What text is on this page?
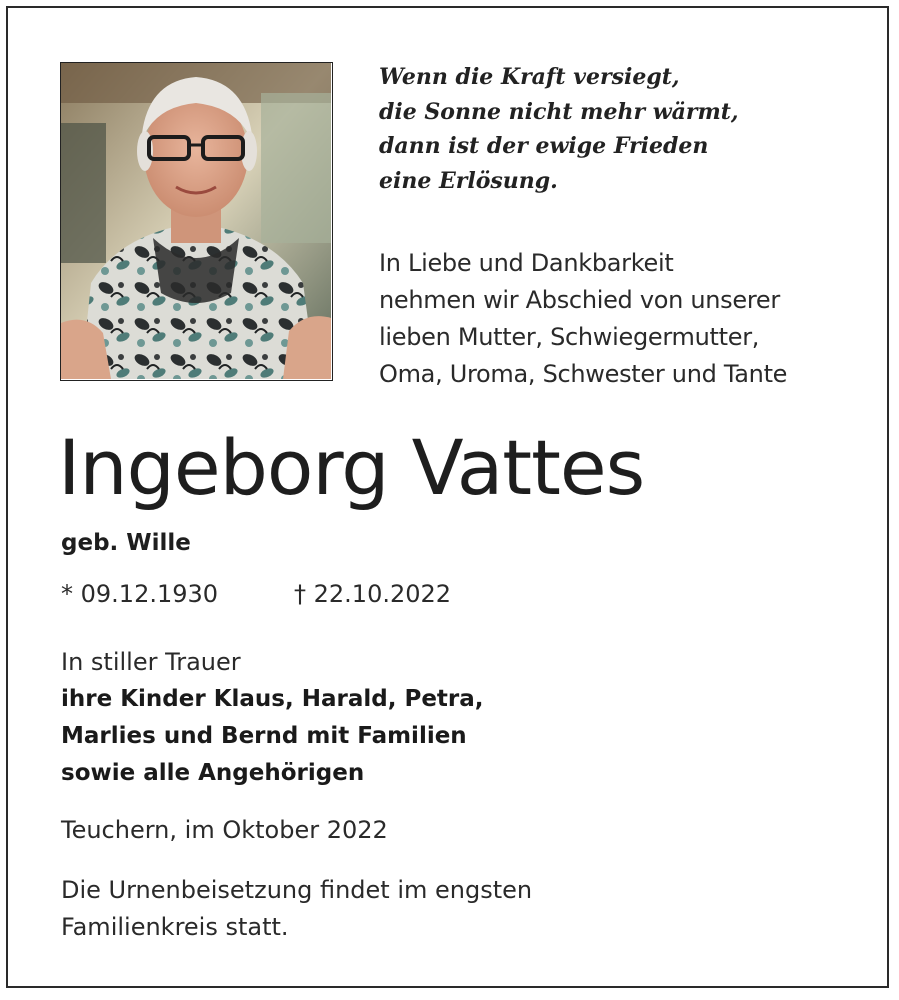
Wenn die Kraft versiegt,
die Sonne nicht mehr wärmt,
dann ist der ewige Frieden
eine Erlösung.
In Liebe und Dankbarkeit
nehmen wir Abschied von unserer
lieben Mutter, Schwiegermutter,
Oma, Uroma, Schwester und Tante
Ingeborg Vattes
geb. Wille
* 09.12.1930	† 22.10.2022
In stiller Trauer
ihre Kinder Klaus, Harald, Petra,
Marlies und Bernd mit Familien
sowie alle Angehörigen
Teuchern, im Oktober 2022
Die Urnenbeisetzung findet im engsten
Familienkreis statt.
